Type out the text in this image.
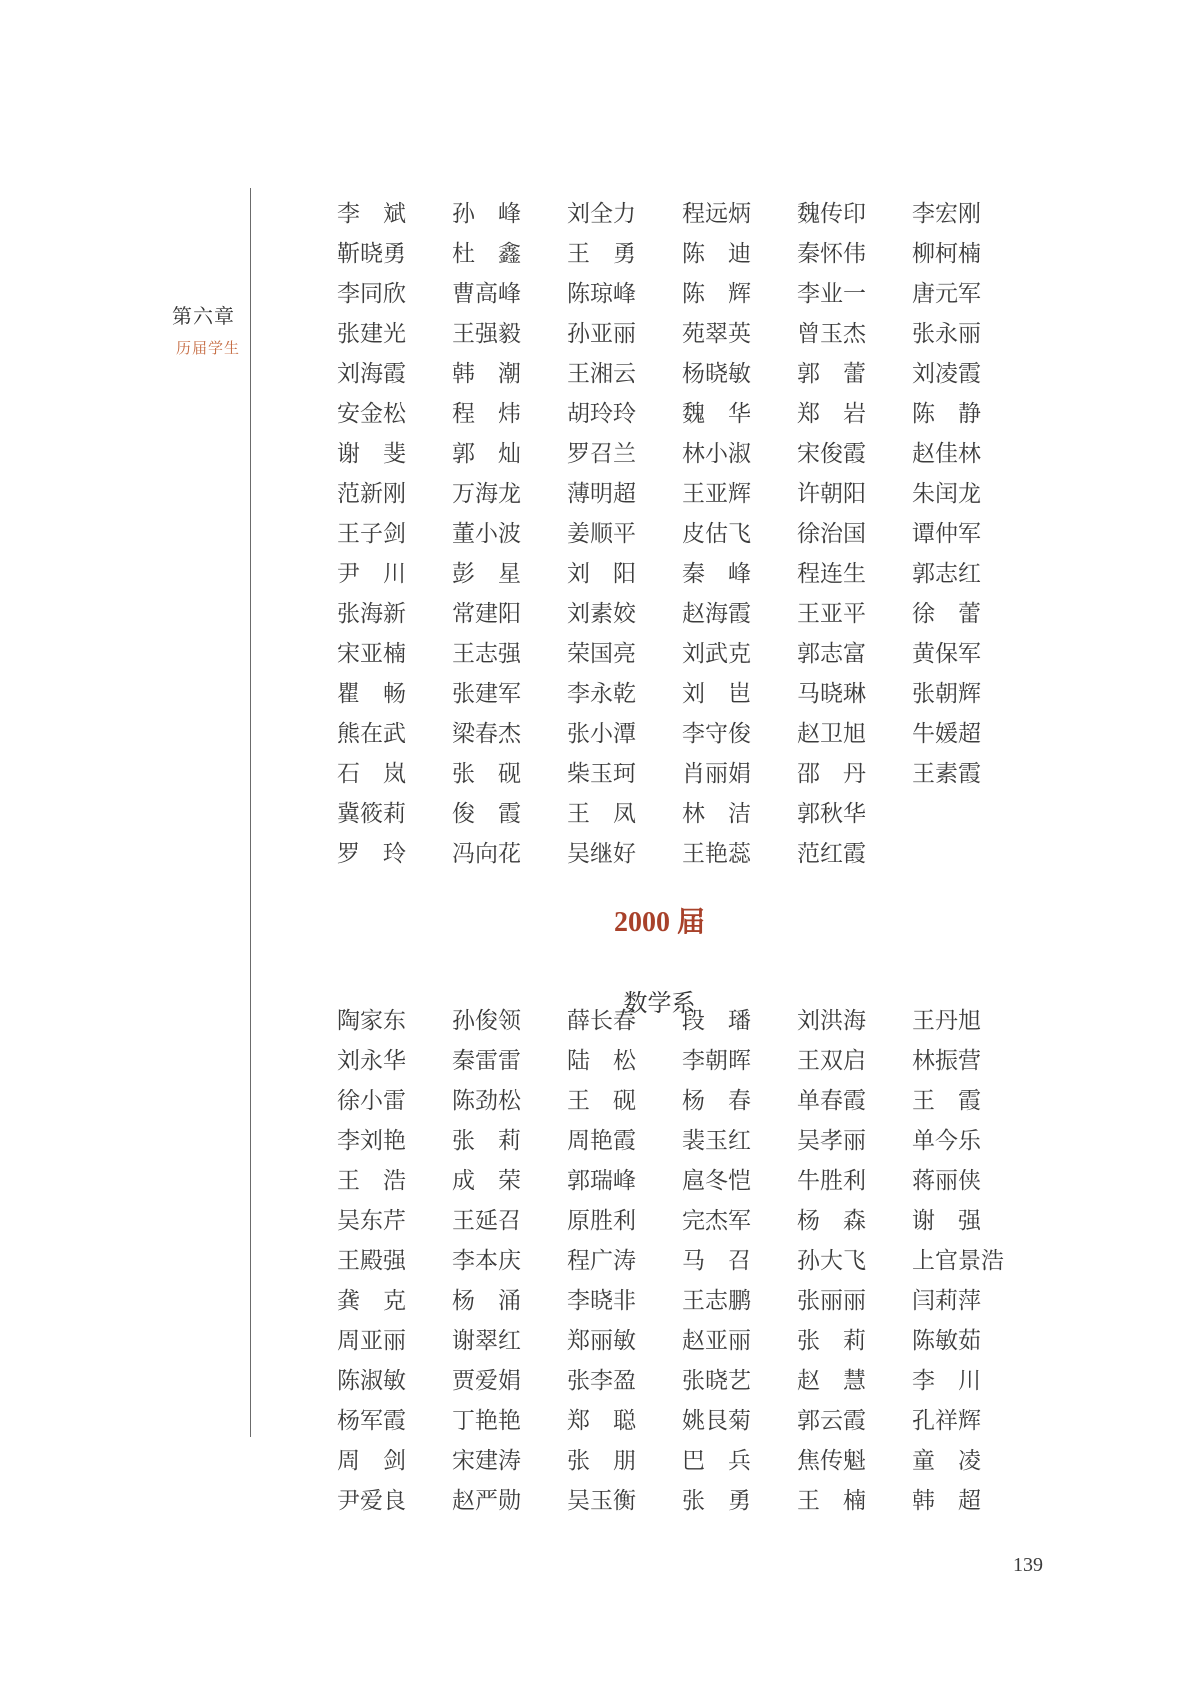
第六章
历届学生
李斌 孙峰 刘全力 程远炳 魏传印 李宏刚
靳晓勇 杜鑫 王勇 陈迪 秦怀伟 柳柯楠
李同欣 曹高峰 陈琼峰 陈辉 李业一 唐元军
张建光 王强毅 孙亚丽 苑翠英 曾玉杰 张永丽
刘海霞 韩潮 王湘云 杨晓敏 郭蕾 刘凌霞
安金松 程炜 胡玲玲 魏华 郑岩 陈静
谢斐 郭灿 罗召兰 林小淑 宋俊霞 赵佳林
范新刚 万海龙 薄明超 王亚辉 许朝阳 朱闰龙
王子剑 董小波 姜顺平 皮估飞 徐治国 谭仲军
尹川 彭星 刘阳 秦峰 程连生 郭志红
张海新 常建阳 刘素姣 赵海霞 王亚平 徐蕾
宋亚楠 王志强 荣国亮 刘武克 郭志富 黄保军
瞿畅 张建军 李永乾 刘岜 马晓琳 张朝辉
熊在武 梁春杰 张小潭 李守俊 赵卫旭 牛媛超
石岚 张砚 柴玉珂 肖丽娟 邵丹 王素霞
冀筱莉 俊霞 王凤 林洁 郭秋华
罗玲 冯向花 吴继好 王艳蕊 范红霞
2000 届
数学系
陶家东 孙俊领 薛长春 段璠 刘洪海 王丹旭
刘永华 秦雷雷 陆松 李朝晖 王双启 林振营
徐小雷 陈劲松 王砚 杨春 单春霞 王霞
李刘艳 张莉 周艳霞 裴玉红 吴孝丽 单今乐
王浩 成荣 郭瑞峰 扈冬恺 牛胜利 蒋丽侠
吴东芹 王延召 原胜利 完杰军 杨森 谢强
王殿强 李本庆 程广涛 马召 孙大飞 上官景浩
龚克 杨涌 李晓非 王志鹏 张丽丽 闫莉萍
周亚丽 谢翠红 郑丽敏 赵亚丽 张莉 陈敏茹
陈淑敏 贾爱娟 张李盈 张晓艺 赵慧 李川
杨军霞 丁艳艳 郑聪 姚艮菊 郭云霞 孔祥辉
周剑 宋建涛 张朋 巴兵 焦传魁 童凌
尹爱良 赵严勋 吴玉衡 张勇 王楠 韩超
139
